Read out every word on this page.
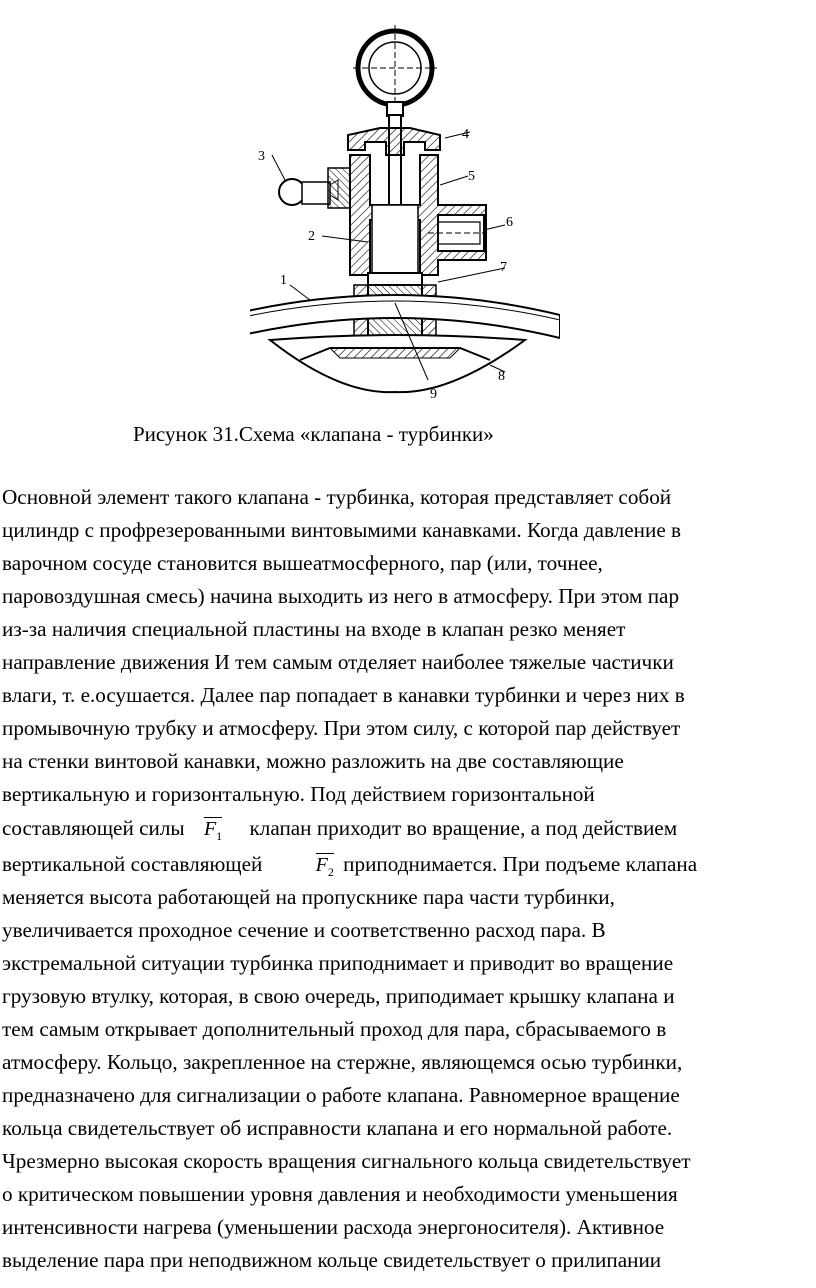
1
2
3
4
5
6
7
8
9
Рисунок 31.Схема «клапана - турбинки»
Основной элемент такого клапана - турбинка, которая представляет собой
цилиндр с профрезерованными винтовымими канавками. Когда давление в
варочном сосуде становится вышеатмосферного, пар (или, точнее,
паровоздушная смесь) начина выходить из него в атмосферу. При этом пар
из-за наличия специальной пластины на входе в клапан резко меняет
направление движения И тем самым отделяет наиболее тяжелые частички
влаги, т. е.осушается. Далее пар попадает в канавки турбинки и через них в
промывочную трубку и атмосферу. При этом силу, с которой пар действует
на стенки винтовой канавки, можно разложить на две составляющие
вертикальную и горизонтальную. Под действием горизонтальной
составляющей силы $F_1$ клапан приходит во вращение, а под действием
вертикальной составляющей	$F_2$ приподнимается. При подъеме клапана
меняется высота работающей на пропускнике пара части турбинки,
увеличивается проходное сечение и соответственно расход пара. В
экстремальной ситуации турбинка приподнимает и приводит во вращение
грузовую втулку, которая, в свою очередь, приподимает крышку клапана и
тем самым открывает дополнительный проход для пара, сбрасываемого в
атмосферу. Кольцо, закрепленное на стержне, являющемся осью турбинки,
предназначено для сигнализации о работе клапана. Равномерное вращение
кольца свидетельствует об исправности клапана и его нормальной работе.
Чрезмерно высокая скорость вращения сигнального кольца свидетельствует
о критическом повышении уровня давления и необходимости уменьшения
интенсивности нагрева (уменьшении расхода энергоносителя). Активное
выделение пара при неподвижном кольце свидетельствует о прилипании
